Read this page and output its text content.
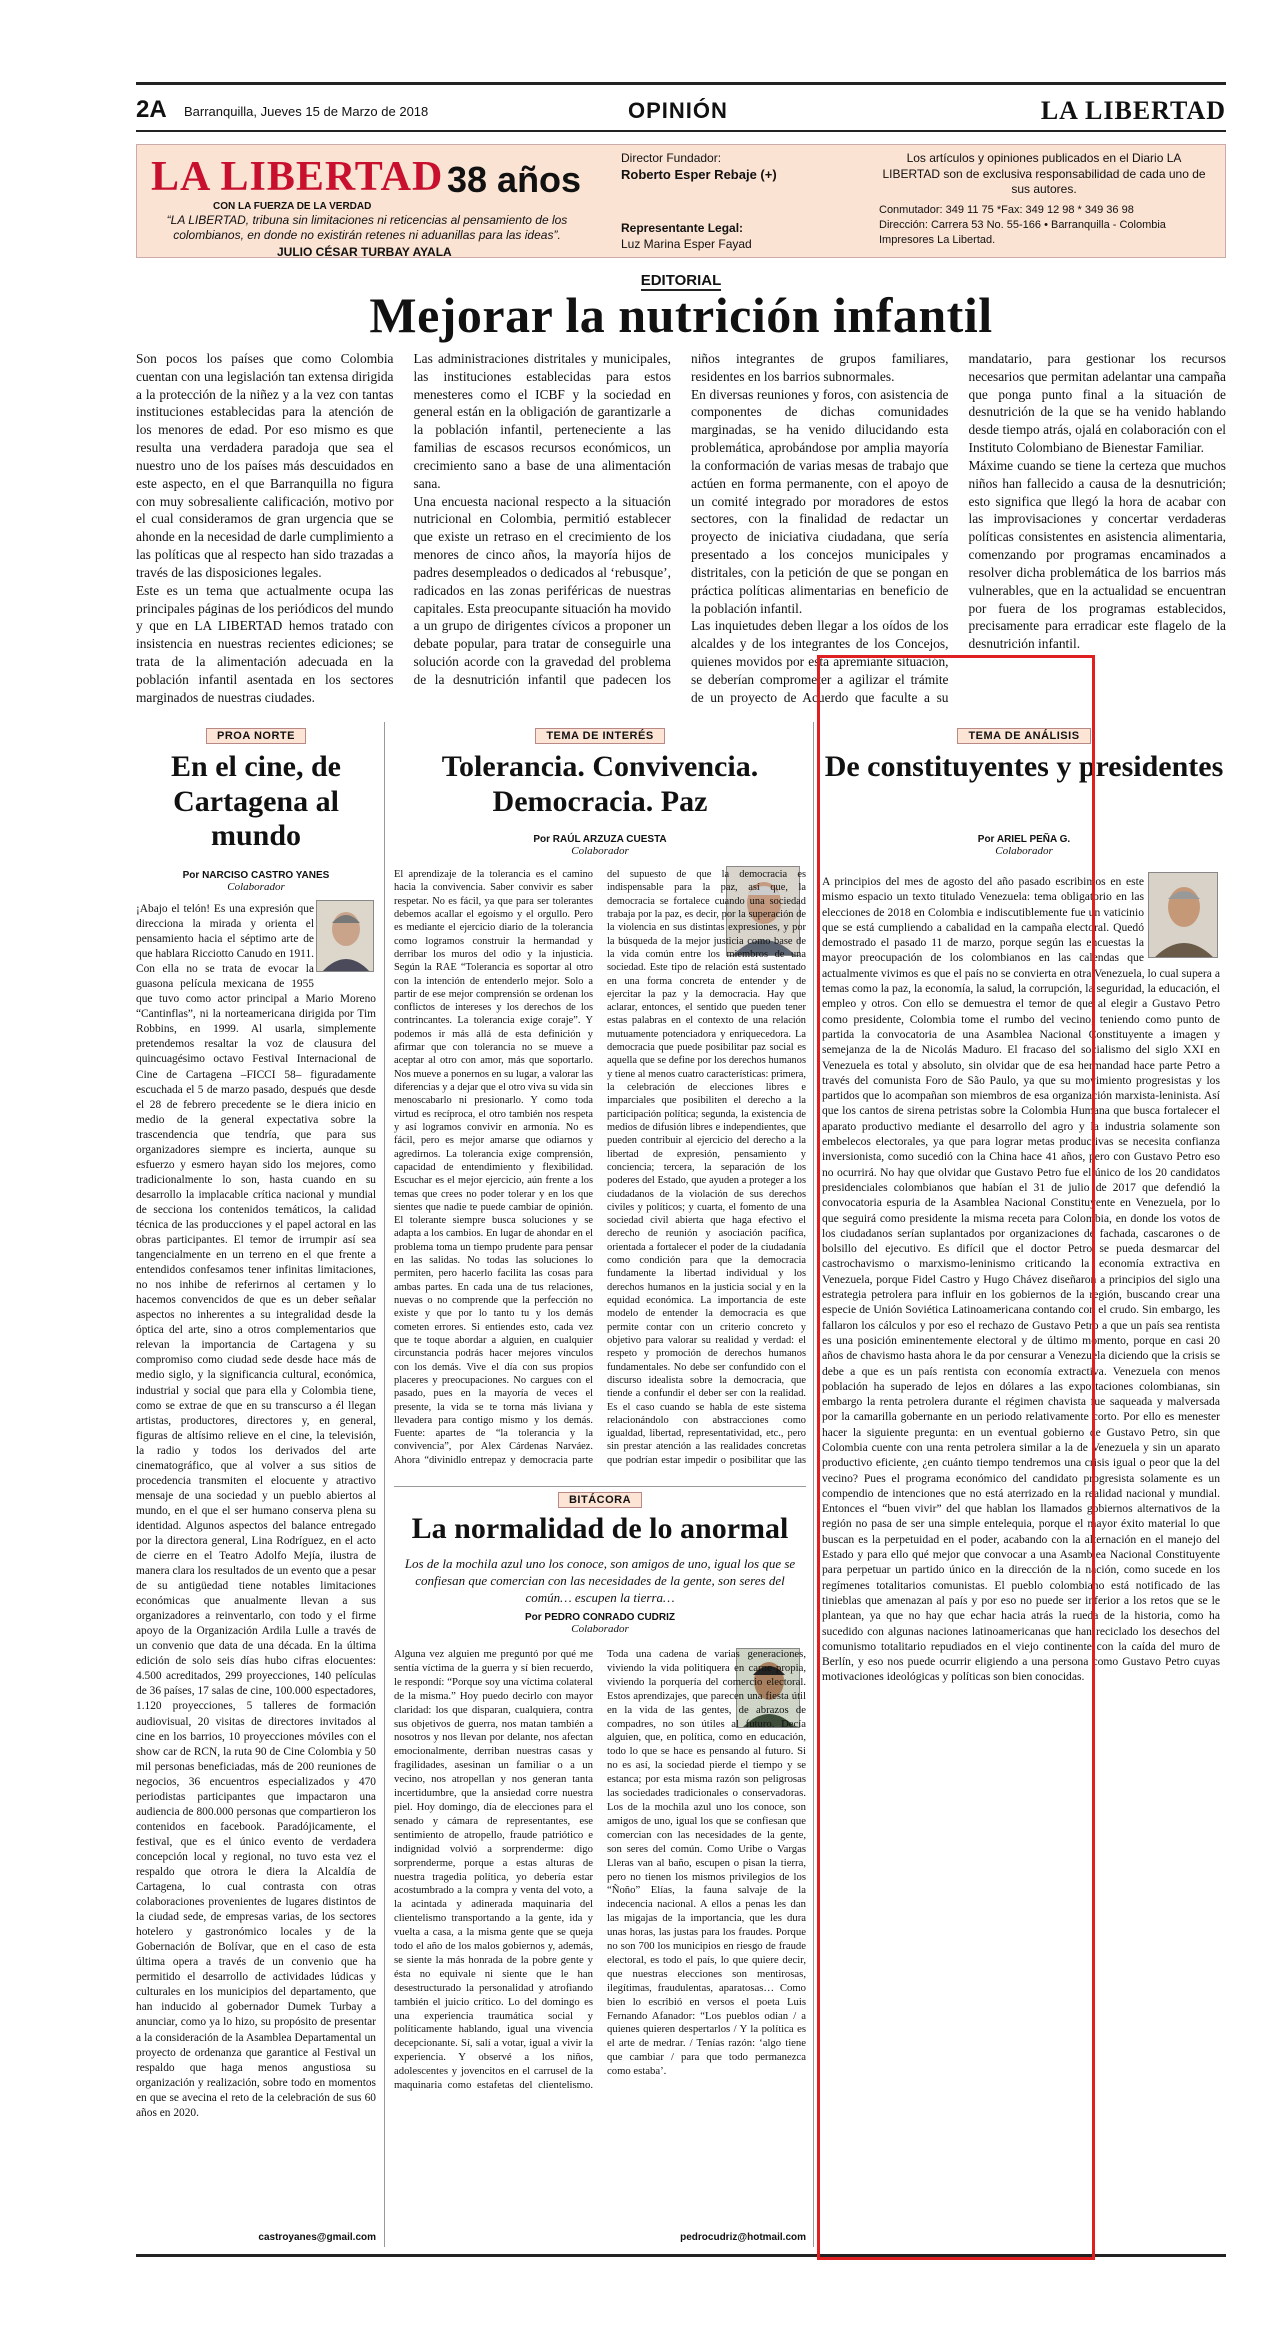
2A Barranquilla, Jueves 15 de Marzo de 2018	OPINIÓN	LA LIBERTAD
LA LIBERTAD 38 años
CON LA FUERZA DE LA VERDAD
“LA LIBERTAD, tribuna sin limitaciones ni reticencias al pensamiento de los colombianos, en donde no existirán retenes ni aduanillas para las ideas”.
JULIO CÉSAR TURBAY AYALA
Director Fundador:
Roberto Esper Rebaje (+)
Representante Legal:
Luz Marina Esper Fayad
Los artículos y opiniones publicados en el Diario LA LIBERTAD son de exclusiva responsabilidad de cada uno de sus autores.
Conmutador: 349 11 75 *Fax: 349 12 98 * 349 36 98
Dirección: Carrera 53 No. 55-166 • Barranquilla - Colombia
Impresores La Libertad.
EDITORIAL
Mejorar la nutrición infantil

Son pocos los países que como Colombia cuentan con una legislación tan extensa dirigida a la protección de la niñez y a la vez con tantas instituciones establecidas para la atención de los menores de edad. Por eso mismo es que resulta una verdadera paradoja que sea el nuestro uno de los países más descuidados en este aspecto, en el que Barranquilla no figura con muy sobresaliente calificación, motivo por el cual consideramos de gran urgencia que se ahonde en la necesidad de darle cumplimiento a las políticas que al respecto han sido trazadas a través de las disposiciones legales.

Este es un tema que actualmente ocupa las principales páginas de los periódicos del mundo y que en LA LIBERTAD hemos tratado con insistencia en nuestras recientes ediciones; se trata de la alimentación adecuada en la población infantil asentada en los sectores marginados de nuestras ciudades.

Las administraciones distritales y municipales, las instituciones establecidas para estos menesteres como el ICBF y la sociedad en general están en la obligación de garantizarle a la población infantil, perteneciente a las familias de escasos recursos económicos, un crecimiento sano a base de una alimentación sana.

Una encuesta nacional respecto a la situación nutricional en Colombia, permitió establecer que existe un retraso en el crecimiento de los menores de cinco años, la mayoría hijos de padres desempleados o dedicados al ‘rebusque’, radicados en las zonas periféricas de nuestras capitales. Esta preocupante situación ha movido a un grupo de dirigentes cívicos a proponer un debate popular, para tratar de conseguirle una solución acorde con la gravedad del problema de la desnutrición infantil que padecen los niños integrantes de grupos familiares, residentes en los barrios subnormales.

En diversas reuniones y foros, con asistencia de componentes de dichas comunidades marginadas, se ha venido dilucidando esta problemática, aprobándose por amplia mayoría la conformación de varias mesas de trabajo que actúen en forma permanente, con el apoyo de un comité integrado por moradores de estos sectores, con la finalidad de redactar un proyecto de iniciativa ciudadana, que sería presentado a los concejos municipales y distritales, con la petición de que se pongan en práctica políticas alimentarias en beneficio de la población infantil.

Las inquietudes deben llegar a los oídos de los alcaldes y de los integrantes de los Concejos, quienes movidos por esta apremiante situación, se deberían comprometer a agilizar el trámite de un proyecto de Acuerdo que faculte a su mandatario, para gestionar los recursos necesarios que permitan adelantar una campaña que ponga punto final a la situación de desnutrición de la que se ha venido hablando desde tiempo atrás, ojalá en colaboración con el Instituto Colombiano de Bienestar Familiar.

Máxime cuando se tiene la certeza que muchos niños han fallecido a causa de la desnutrición; esto significa que llegó la hora de acabar con las improvisaciones y concertar verdaderas políticas consistentes en asistencia alimentaria, comenzando por programas encaminados a resolver dicha problemática de los barrios más vulnerables, que en la actualidad se encuentran por fuera de los programas establecidos, precisamente para erradicar este flagelo de la desnutrición infantil.

PROA NORTE
En el cine, de Cartagena al mundo
Por NARCISO CASTRO YANES
Colaborador
¡Abajo el telón! Es una expresión que direcciona la mirada y orienta el pensamiento hacia el séptimo arte de que hablara Ricciotto Canudo en 1911. Con ella no se trata de evocar la guasona película mexicana de 1955 que tuvo como actor principal a Mario Moreno “Cantinflas”, ni la norteamericana dirigida por Tim Robbins, en 1999. Al usarla, simplemente pretendemos resaltar la voz de clausura del quincuagésimo octavo Festival Internacional de Cine de Cartagena –FICCI 58– figuradamente escuchada el 5 de marzo pasado, después que desde el 28 de febrero precedente se le diera inicio en medio de la general expectativa sobre la trascendencia que tendría, que para sus organizadores siempre es incierta, aunque su esfuerzo y esmero hayan sido los mejores, como tradicionalmente lo son, hasta cuando en su desarrollo la implacable crítica nacional y mundial de secciona los contenidos temáticos, la calidad técnica de las producciones y el papel actoral en las obras participantes. El temor de irrumpir así sea tangencialmente en un terreno en el que frente a entendidos confesamos tener infinitas limitaciones, no nos inhibe de referirnos al certamen y lo hacemos convencidos de que es un deber señalar aspectos no inherentes a su integralidad desde la óptica del arte, sino a otros complementarios que relevan la importancia de Cartagena y su compromiso como ciudad sede desde hace más de medio siglo, y la significancia cultural, económica, industrial y social que para ella y Colombia tiene, como se extrae de que en su transcurso a él llegan artistas, productores, directores y, en general, figuras de altísimo relieve en el cine, la televisión, la radio y todos los derivados del arte cinematográfico, que al volver a sus sitios de procedencia transmiten el elocuente y atractivo mensaje de una sociedad y un pueblo abiertos al mundo, en el que el ser humano conserva plena su identidad. Algunos aspectos del balance entregado por la directora general, Lina Rodríguez, en el acto de cierre en el Teatro Adolfo Mejía, ilustra de manera clara los resultados de un evento que a pesar de su antigüedad tiene notables limitaciones económicas que anualmente llevan a sus organizadores a reinventarlo, con todo y el firme apoyo de la Organización Ardila Lulle a través de un convenio que data de una década. En la última edición de solo seis días hubo cifras elocuentes: 4.500 acreditados, 299 proyecciones, 140 películas de 36 países, 17 salas de cine, 100.000 espectadores, 1.120 proyecciones, 5 talleres de formación audiovisual, 20 visitas de directores invitados al cine en los barrios, 10 proyecciones móviles con el show car de RCN, la ruta 90 de Cine Colombia y 50 mil personas beneficiadas, más de 200 reuniones de negocios, 36 encuentros especializados y 470 periodistas participantes que impactaron una audiencia de 800.000 personas que compartieron los contenidos en facebook. Paradójicamente, el festival, que es el único evento de verdadera concepción local y regional, no tuvo esta vez el respaldo que otrora le diera la Alcaldía de Cartagena, lo cual contrasta con otras colaboraciones provenientes de lugares distintos de la ciudad sede, de empresas varias, de los sectores hotelero y gastronómico locales y de la Gobernación de Bolívar, que en el caso de esta última opera a través de un convenio que ha permitido el desarrollo de actividades lúdicas y culturales en los municipios del departamento, que han inducido al gobernador Dumek Turbay a anunciar, como ya lo hizo, su propósito de presentar a la consideración de la Asamblea Departamental un proyecto de ordenanza que garantice al Festival un respaldo que haga menos angustiosa su organización y realización, sobre todo en momentos en que se avecina el reto de la celebración de sus 60 años en 2020.
castroyanes@gmail.com
TEMA DE INTERÉS
Tolerancia. Convivencia. Democracia. Paz
Por RAÚL ARZUZA CUESTA
Colaborador
El aprendizaje de la tolerancia es el camino hacia la convivencia. Saber convivir es saber respetar. No es fácil, ya que para ser tolerantes debemos acallar el egoísmo y el orgullo. Pero es mediante el ejercicio diario de la tolerancia como logramos construir la hermandad y derribar los muros del odio y la injusticia. Según la RAE “Tolerancia es soportar al otro con la intención de entenderlo mejor. Solo a partir de ese mejor comprensión se ordenan los conflictos de intereses y los derechos de los contrincantes. La tolerancia exige coraje”. Y podemos ir más allá de esta definición y afirmar que con tolerancia no se mueve a aceptar al otro con amor, más que soportarlo. Nos mueve a ponernos en su lugar, a valorar las diferencias y a dejar que el otro viva su vida sin menoscabarlo ni presionarlo. Y como toda virtud es recíproca, el otro también nos respeta y así logramos convivir en armonía. No es fácil, pero es mejor amarse que odiarnos y agredirnos. La tolerancia exige comprensión, capacidad de entendimiento y flexibilidad. Escuchar es el mejor ejercicio, aún frente a los temas que crees no poder tolerar y en los que sientes que nadie te puede cambiar de opinión. El tolerante siempre busca soluciones y se adapta a los cambios. En lugar de ahondar en el problema toma un tiempo prudente para pensar en las salidas. No todas las soluciones lo permiten, pero hacerlo facilita las cosas para ambas partes. En cada una de tus relaciones, nuevas o no comprende que la perfección no existe y que por lo tanto tu y los demás cometen errores. Si entiendes esto, cada vez que te toque abordar a alguien, en cualquier circunstancia podrás hacer mejores vínculos con los demás. Vive el día con sus propios placeres y preocupaciones. No cargues con el pasado, pues en la mayoría de veces el presente, la vida se te torna más liviana y llevadera para contigo mismo y los demás. Fuente: apartes de “la tolerancia y la convivencia”, por Alex Cárdenas Narváez. Ahora “divinidlo entrepaz y democracia parte del supuesto de que la democracia es indispensable para la paz, así que, la democracia se fortalece cuando una sociedad trabaja por la paz, es decir, por la superación de la violencia en sus distintas expresiones, y por la búsqueda de la mejor justicia como base de la vida común entre los miembros de una sociedad. Este tipo de relación está sustentado en una forma concreta de entender y de ejercitar la paz y la democracia. Hay que aclarar, entonces, el sentido que pueden tener estas palabras en el contexto de una relación mutuamente potenciadora y enriquecedora. La democracia que puede posibilitar paz social es aquella que se define por los derechos humanos y tiene al menos cuatro características: primera, la celebración de elecciones libres e imparciales que posibiliten el derecho a la participación política; segunda, la existencia de medios de difusión libres e independientes, que pueden contribuir al ejercicio del derecho a la libertad de expresión, pensamiento y conciencia; tercera, la separación de los poderes del Estado, que ayuden a proteger a los ciudadanos de la violación de sus derechos civiles y políticos; y cuarta, el fomento de una sociedad civil abierta que haga efectivo el derecho de reunión y asociación pacífica, orientada a fortalecer el poder de la ciudadanía como condición para que la democracia fundamente la libertad individual y los derechos humanos en la justicia social y en la equidad económica. La importancia de este modelo de entender la democracia es que permite contar con un criterio concreto y objetivo para valorar su realidad y verdad: el respeto y promoción de derechos humanos fundamentales. No debe ser confundido con el discurso idealista sobre la democracia, que tiende a confundir el deber ser con la realidad. Es el caso cuando se habla de este sistema relacionándolo con abstracciones como igualdad, libertad, representatividad, etc., pero sin prestar atención a las realidades concretas que podrían estar impedir o posibilitar que las
BITÁCORA
La normalidad de lo anormal
Los de la mochila azul uno los conoce, son amigos de uno, igual los que se confiesan que comercian con las necesidades de la gente, son seres del común… escupen la tierra…
Por PEDRO CONRADO CUDRIZ
Colaborador
Alguna vez alguien me preguntó por qué me sentía víctima de la guerra y sí bien recuerdo, le respondí: “Porque soy una víctima colateral de la misma.” Hoy puedo decirlo con mayor claridad: los que disparan, cualquiera, contra sus objetivos de guerra, nos matan también a nosotros y nos llevan por delante, nos afectan emocionalmente, derriban nuestras casas y fragilidades, asesinan un familiar o a un vecino, nos atropellan y nos generan tanta incertidumbre, que la ansiedad corre nuestra piel. Hoy domingo, día de elecciones para el senado y cámara de representantes, ese sentimiento de atropello, fraude patriótico e indignidad volvió a sorprenderme: digo sorprenderme, porque a estas alturas de nuestra tragedia política, yo debería estar acostumbrado a la compra y venta del voto, a la acintada y adinerada maquinaria del clientelismo transportando a la gente, ida y vuelta a casa, a la misma gente que se queja todo el año de los malos gobiernos y, además, se siente la más honrada de la pobre gente y ésta no equivale ni siente que le han desestructurado la personalidad y atrofiando también el juicio crítico. Lo del domingo es una experiencia traumática social y políticamente hablando, igual una vivencia decepcionante. Sí, salí a votar, igual a vivir la experiencia. Y observé a los niños, adolescentes y jovencitos en el carrusel de la maquinaria como estafetas del clientelismo. Toda una cadena de varias generaciones, viviendo la vida politiquera en carne propia, viviendo la porquería del comercio electoral. Estos aprendizajes, que parecen una fiesta útil en la vida de las gentes, de abrazos de compadres, no son útiles al futuro. Decía alguien, que, en política, como en educación, todo lo que se hace es pensando al futuro. Si no es así, la sociedad pierde el tiempo y se estanca; por esta misma razón son peligrosas las sociedades tradicionales o conservadoras. Los de la mochila azul uno los conoce, son amigos de uno, igual los que se confiesan que comercian con las necesidades de la gente, son seres del común. Como Uribe o Vargas Lleras van al baño, escupen o pisan la tierra, pero no tienen los mismos privilegios de los “Ñoño” Elías, la fauna salvaje de la indecencia nacional. A ellos a penas les dan las migajas de la importancia, que les dura unas horas, las justas para los fraudes. Porque no son 700 los municipios en riesgo de fraude electoral, es todo el país, lo que quiere decir, que nuestras elecciones son mentirosas, ilegítimas, fraudulentas, aparatosas… Como bien lo escribió en versos el poeta Luis Fernando Afanador: “Los pueblos odian / a quienes quieren despertarlos / Y la política es el arte de medrar. / Tenías razón: ‘algo tiene que cambiar / para que todo permanezca como estaba’.
pedrocudriz@hotmail.com
TEMA DE ANÁLISIS
De constituyentes y presidentes
Por ARIEL PEÑA G.
Colaborador
A principios del mes de agosto del año pasado escribimos en este mismo espacio un texto titulado Venezuela: tema obligatorio en las elecciones de 2018 en Colombia e indiscutiblemente fue un vaticinio que se está cumpliendo a cabalidad en la campaña electoral. Quedó demostrado el pasado 11 de marzo, porque según las encuestas la mayor preocupación de los colombianos en las calendas que actualmente vivimos es que el país no se convierta en otra Venezuela, lo cual supera a temas como la paz, la economía, la salud, la corrupción, la seguridad, la educación, el empleo y otros. Con ello se demuestra el temor de que al elegir a Gustavo Petro como presidente, Colombia tome el rumbo del vecino, teniendo como punto de partida la convocatoria de una Asamblea Nacional Constituyente a imagen y semejanza de la de Nicolás Maduro. El fracaso del socialismo del siglo XXI en Venezuela es total y absoluto, sin olvidar que de esa hermandad hace parte Petro a través del comunista Foro de São Paulo, ya que su movimiento progresistas y los partidos que lo acompañan son miembros de esa organización marxista-leninista. Así que los cantos de sirena petristas sobre la Colombia Humana que busca fortalecer el aparato productivo mediante el desarrollo del agro y la industria solamente son embelecos electorales, ya que para lograr metas productivas se necesita confianza inversionista, como sucedió con la China hace 41 años, pero con Gustavo Petro eso no ocurrirá. No hay que olvidar que Gustavo Petro fue el único de los 20 candidatos presidenciales colombianos que habían el 31 de julio de 2017 que defendió la convocatoria espuria de la Asamblea Nacional Constituyente en Venezuela, por lo que seguirá como presidente la misma receta para Colombia, en donde los votos de los ciudadanos serían suplantados por organizaciones de fachada, cascarones o de bolsillo del ejecutivo. Es difícil que el doctor Petro se pueda desmarcar del castrochavismo o marxismo-leninismo criticando la economía extractiva en Venezuela, porque Fidel Castro y Hugo Chávez diseñaron a principios del siglo una estrategia petrolera para influir en los gobiernos de la región, buscando crear una especie de Unión Soviética Latinoamericana contando con el crudo. Sin embargo, les fallaron los cálculos y por eso el rechazo de Gustavo Petro a que un país sea rentista es una posición eminentemente electoral y de último momento, porque en casi 20 años de chavismo hasta ahora le da por censurar a Venezuela diciendo que la crisis se debe a que es un país rentista con economía extractiva. Venezuela con menos población ha superado de lejos en dólares a las exportaciones colombianas, sin embargo la renta petrolera durante el régimen chavista fue saqueada y malversada por la camarilla gobernante en un periodo relativamente corto. Por ello es menester hacer la siguiente pregunta: en un eventual gobierno de Gustavo Petro, sin que Colombia cuente con una renta petrolera similar a la de Venezuela y sin un aparato productivo eficiente, ¿en cuánto tiempo tendremos una crisis igual o peor que la del vecino? Pues el programa económico del candidato progresista solamente es un compendio de intenciones que no está aterrizado en la realidad nacional y mundial. Entonces el “buen vivir” del que hablan los llamados gobiernos alternativos de la región no pasa de ser una simple entelequia, porque el mayor éxito material lo que buscan es la perpetuidad en el poder, acabando con la alternación en el manejo del Estado y para ello qué mejor que convocar a una Asamblea Nacional Constituyente para perpetuar un partido único en la dirección de la nación, como sucede en los regímenes totalitarios comunistas. El pueblo colombiano está notificado de las tinieblas que amenazan al país y por eso no puede ser inferior a los retos que se le plantean, ya que no hay que echar hacia atrás la rueda de la historia, como ha sucedido con algunas naciones latinoamericanas que han reciclado los desechos del comunismo totalitario repudiados en el viejo continente con la caída del muro de Berlín, y eso nos puede ocurrir eligiendo a una persona como Gustavo Petro cuyas motivaciones ideológicas y políticas son bien conocidas.
